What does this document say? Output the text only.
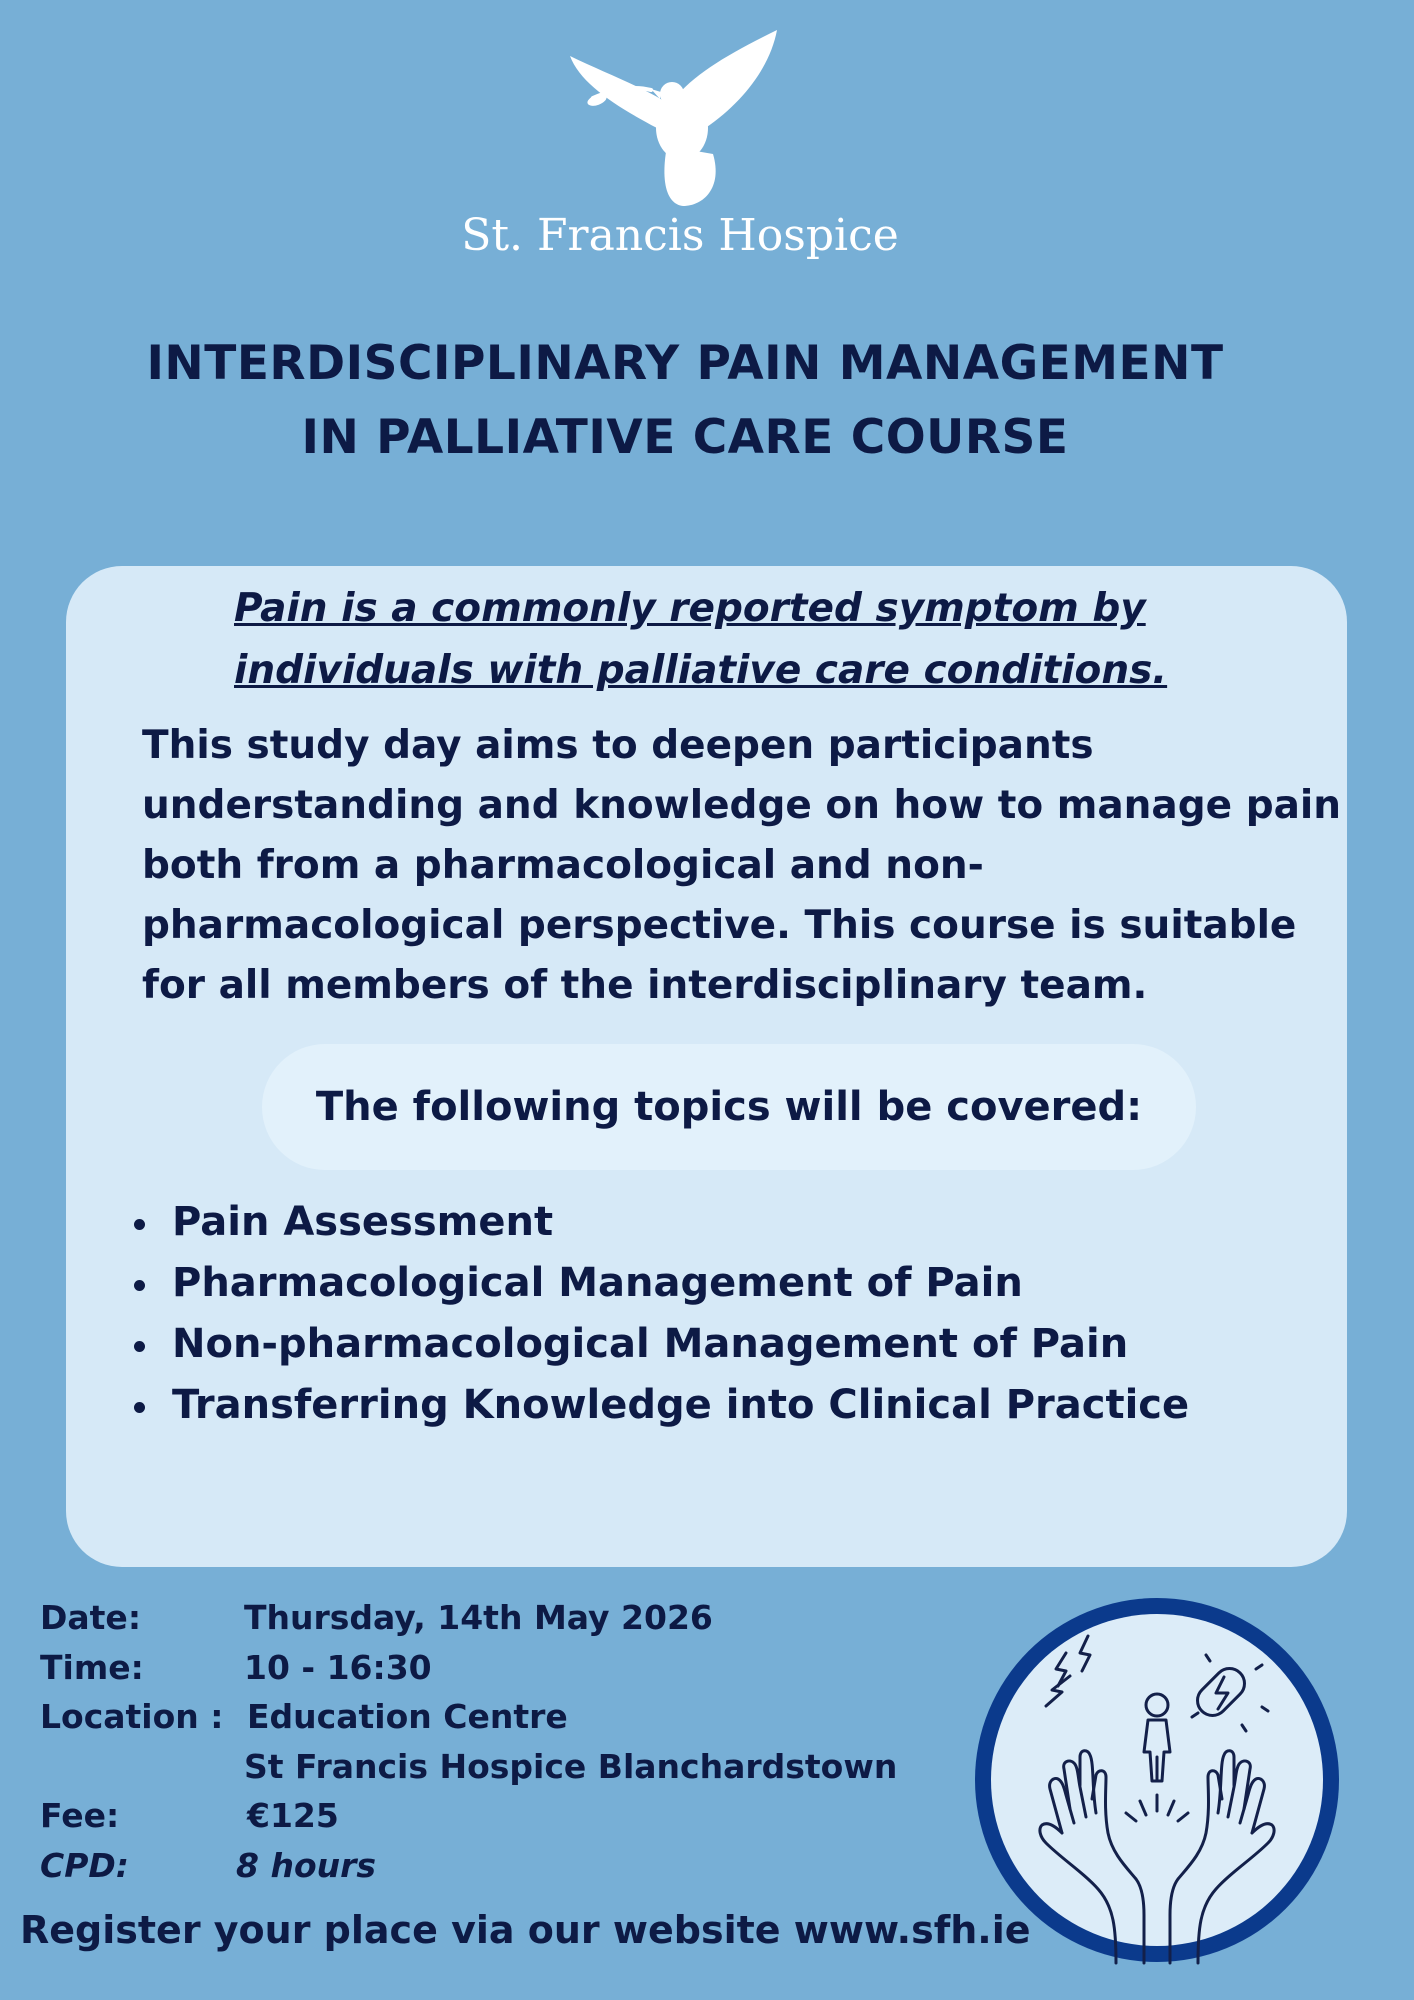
St. Francis Hospice
INTERDISCIPLINARY PAIN MANAGEMENT
IN PALLIATIVE CARE COURSE
Pain is a commonly reported symptom by
individuals with palliative care conditions.
This study day aims to deepen participants
understanding and knowledge on how to manage pain
both from a pharmacological and non-
pharmacological perspective. This course is suitable
for all members of the interdisciplinary team.
The following topics will be covered:
Pain Assessment
Pharmacological Management of Pain
Non-pharmacological Management of Pain
Transferring Knowledge into Clinical Practice
Date:	Thursday, 14th May 2026
Time:	10 - 16:30
Location : Education Centre
St Francis Hospice Blanchardstown
Fee:	€125
CPD:	8 hours
Register your place via our website www.sfh.ie
